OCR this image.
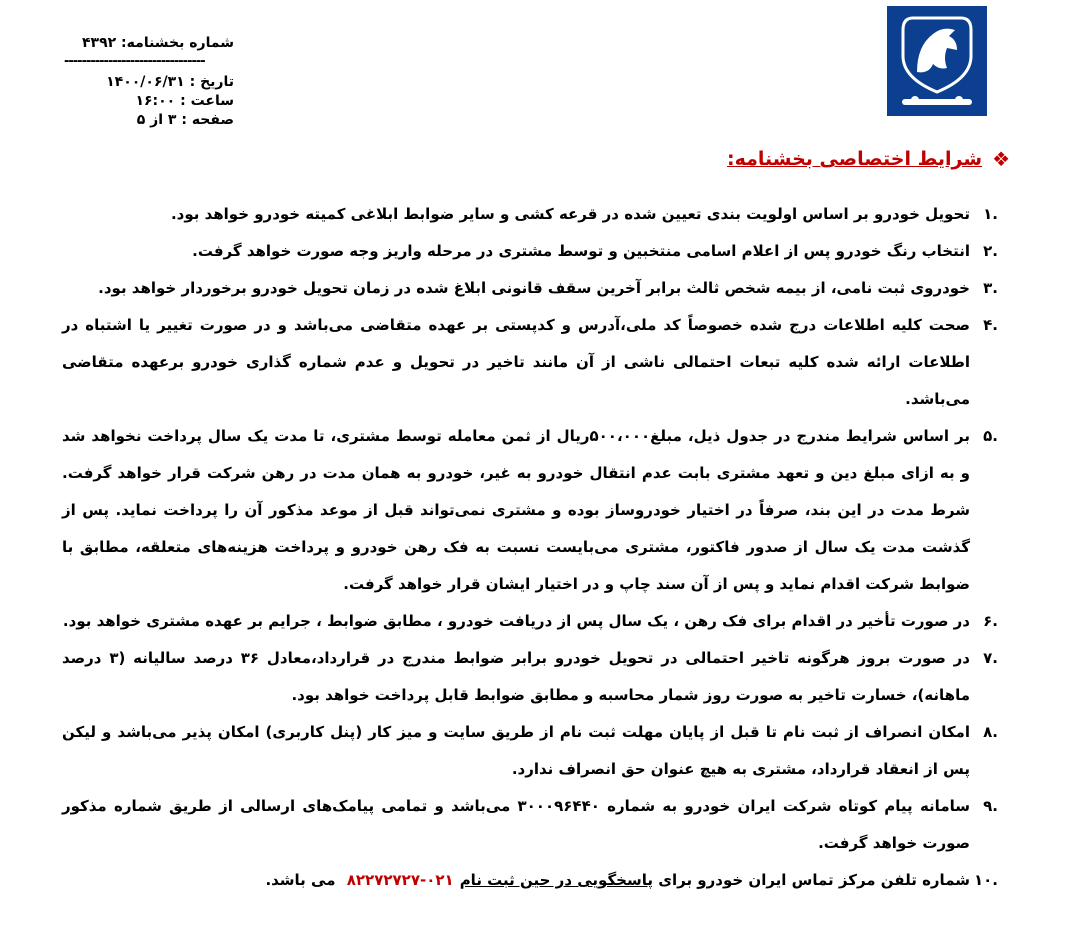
شماره بخشنامه: ۴۳۹۲
--------------------------------
تاریخ : ۱۴۰۰/۰۶/۳۱
ساعت : ۱۶:۰۰
صفحه : ۳ از ۵
❖
شرایط اختصاصی بخشنامه:
.۱
تحویل خودرو بر اساس اولویت بندی تعیین شده در قرعه کشی و سایر ضوابط ابلاغی کمیته خودرو خواهد بود.
.۲
انتخاب رنگ خودرو پس از اعلام اسامی منتخبین و توسط مشتری در مرحله واریز وجه صورت خواهد گرفت.
.۳
خودروی ثبت نامی، از بیمه شخص ثالث برابر آخرین سقف قانونی ابلاغ شده در زمان تحویل خودرو برخوردار خواهد بود.
.۴
صحت کلیه اطلاعات درج شده خصوصاً کد ملی،آدرس و کدپستی بر عهده متقاضی می‌باشد و در صورت تغییر یا اشتباه در اطلاعات ارائه شده کلیه تبعات احتمالی ناشی از آن مانند تاخیر در تحویل و عدم شماره گذاری خودرو برعهده متقاضی می‌باشد.
.۵
بر اساس شرایط مندرج در جدول ذیل، مبلغ۵۰۰،۰۰۰ریال از ثمن معامله توسط مشتری، تا مدت یک سال پرداخت نخواهد شد و به ازای مبلغ دین و تعهد مشتری بابت عدم انتقال خودرو به غیر، خودرو به همان مدت در رهن شرکت قرار خواهد گرفت. شرط مدت در این بند، صرفاً در اختیار خودروساز بوده و مشتری نمی‌تواند قبل از موعد مذکور آن را پرداخت نماید. پس از گذشت مدت یک سال از صدور فاکتور، مشتری می‌بایست نسبت به فک رهن خودرو و پرداخت هزینه‌های متعلقه، مطابق با ضوابط شرکت اقدام نماید و پس از آن سند چاپ و در اختیار ایشان قرار خواهد گرفت.
.۶
در صورت تأخیر در اقدام برای فک رهن ، یک سال پس از دریافت خودرو ، مطابق ضوابط ، جرایم بر عهده مشتری خواهد بود.
.۷
در صورت بروز هرگونه تاخیر احتمالی در تحویل خودرو برابر ضوابط مندرج در قرارداد،معادل ۳۶ درصد سالیانه (۳ درصد ماهانه)، خسارت تاخیر به صورت روز شمار محاسبه و مطابق ضوابط قابل پرداخت خواهد بود.
.۸
امکان انصراف از ثبت نام تا قبل از پایان مهلت ثبت نام از طریق سایت و میز کار (پنل کاربری) امکان پذیر می‌باشد و لیکن پس از انعقاد قرارداد، مشتری به هیچ عنوان حق انصراف ندارد.
.۹
سامانه پیام کوتاه شرکت ایران خودرو به شماره ۳۰۰۰۹۶۴۴۰ می‌باشد و تمامی پیامک‌های ارسالی از طریق شماره مذکور صورت خواهد گرفت.
.۱۰
شماره تلفن مرکز تماس ایران خودرو برای پاسخگویی در حین ثبت نام۰۲۱-۸۲۲۷۲۷۲۷ می باشد.
